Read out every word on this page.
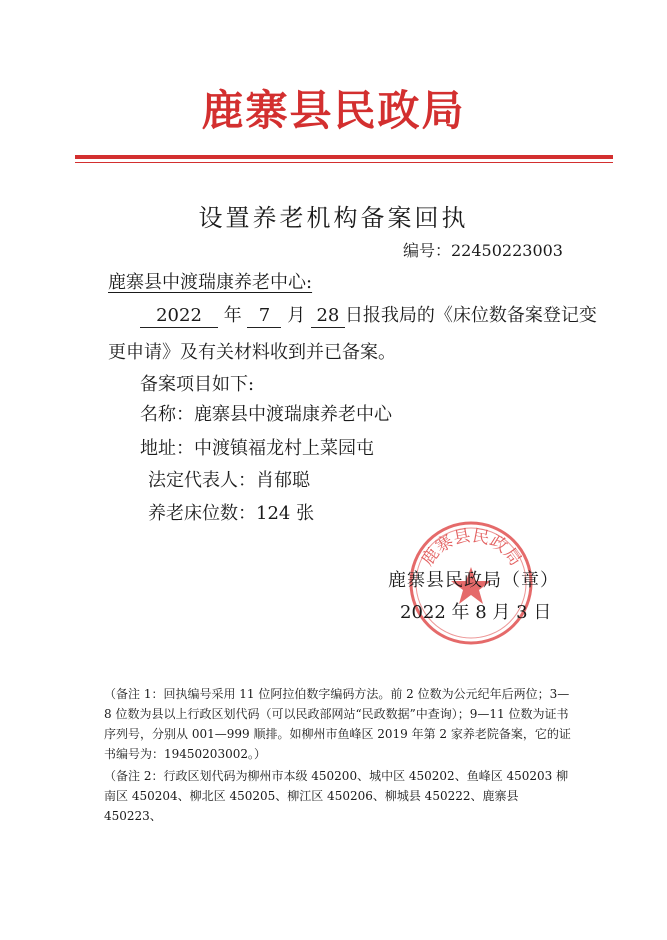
鹿寨县民政局
设置养老机构备案回执
编号：22450223003
鹿寨县中渡瑞康养老中心:
2022 年 7 月 28 日报我局的《床位数备案登记变
更申请》及有关材料收到并已备案。
备案项目如下:
名称：鹿寨县中渡瑞康养老中心
地址：中渡镇福龙村上菜园屯
法定代表人：肖郁聪
养老床位数：124 张
鹿寨县民政局
鹿寨县民政局（章）
2022 年 8 月 3 日
（备注 1：回执编号采用 11 位阿拉伯数字编码方法。前 2 位数为公元纪年后两位；3—8 位数为县以上行政区划代码（可以民政部网站“民政数据”中查询）；9—11 位数为证书序列号，分别从 001—999 顺排。如柳州市鱼峰区 2019 年第 2 家养老院备案，它的证书编号为：19450203002。）
（备注 2：行政区划代码为柳州市本级 450200、城中区 450202、鱼峰区 450203 柳南区 450204、柳北区 450205、柳江区 450206、柳城县 450222、鹿寨县 450223、
